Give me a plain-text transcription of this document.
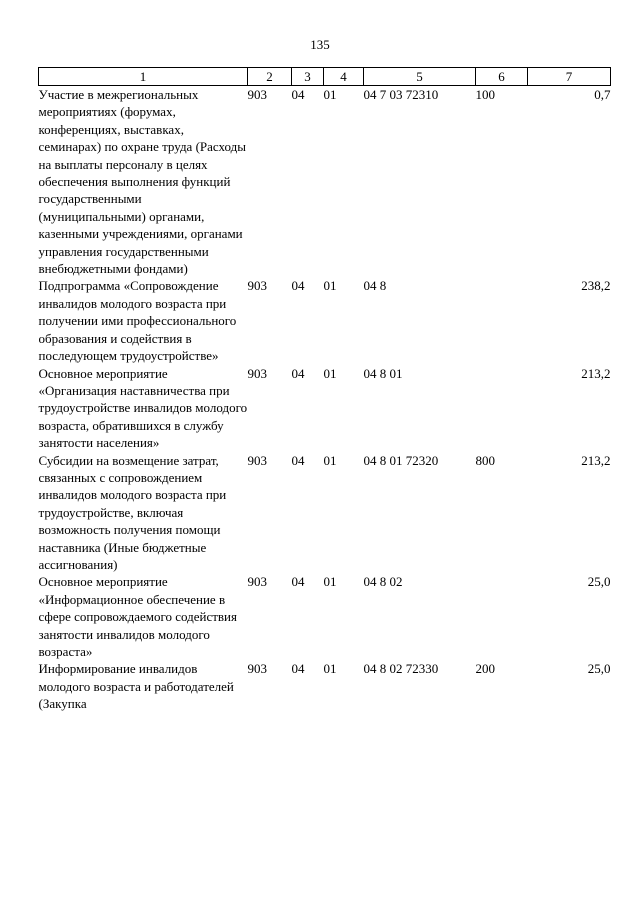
135
1	2	3	4	5	6	7
Участие в межрегиональных мероприятиях (форумах, конференциях, выставках, семинарах) по охране труда (Расходы на выплаты персоналу в целях обеспечения выполнения функций государственными (муниципальными) органами, казенными учреждениями, органами управления государственными внебюджетными фондами)	903	04	01	04 7 03 72310	100	0,7
Подпрограмма «Сопровождение инвалидов молодого возраста при получении ими профессионального образования и содействия в последующем трудоустройстве»	903	04	01	04 8		238,2
Основное мероприятие «Организация наставничества при трудоустройстве инвалидов молодого возраста, обратившихся в службу занятости населения»	903	04	01	04 8 01		213,2
Субсидии на возмещение затрат, связанных с сопровождением инвалидов молодого возраста при трудоустройстве, включая возможность получения помощи наставника (Иные бюджетные ассигнования)	903	04	01	04 8 01 72320	800	213,2
Основное мероприятие «Информационное обеспечение в сфере сопровождаемого содействия занятости инвалидов молодого возраста»	903	04	01	04 8 02		25,0
Информирование инвалидов молодого возраста и работодателей (Закупка	903	04	01	04 8 02 72330	200	25,0
